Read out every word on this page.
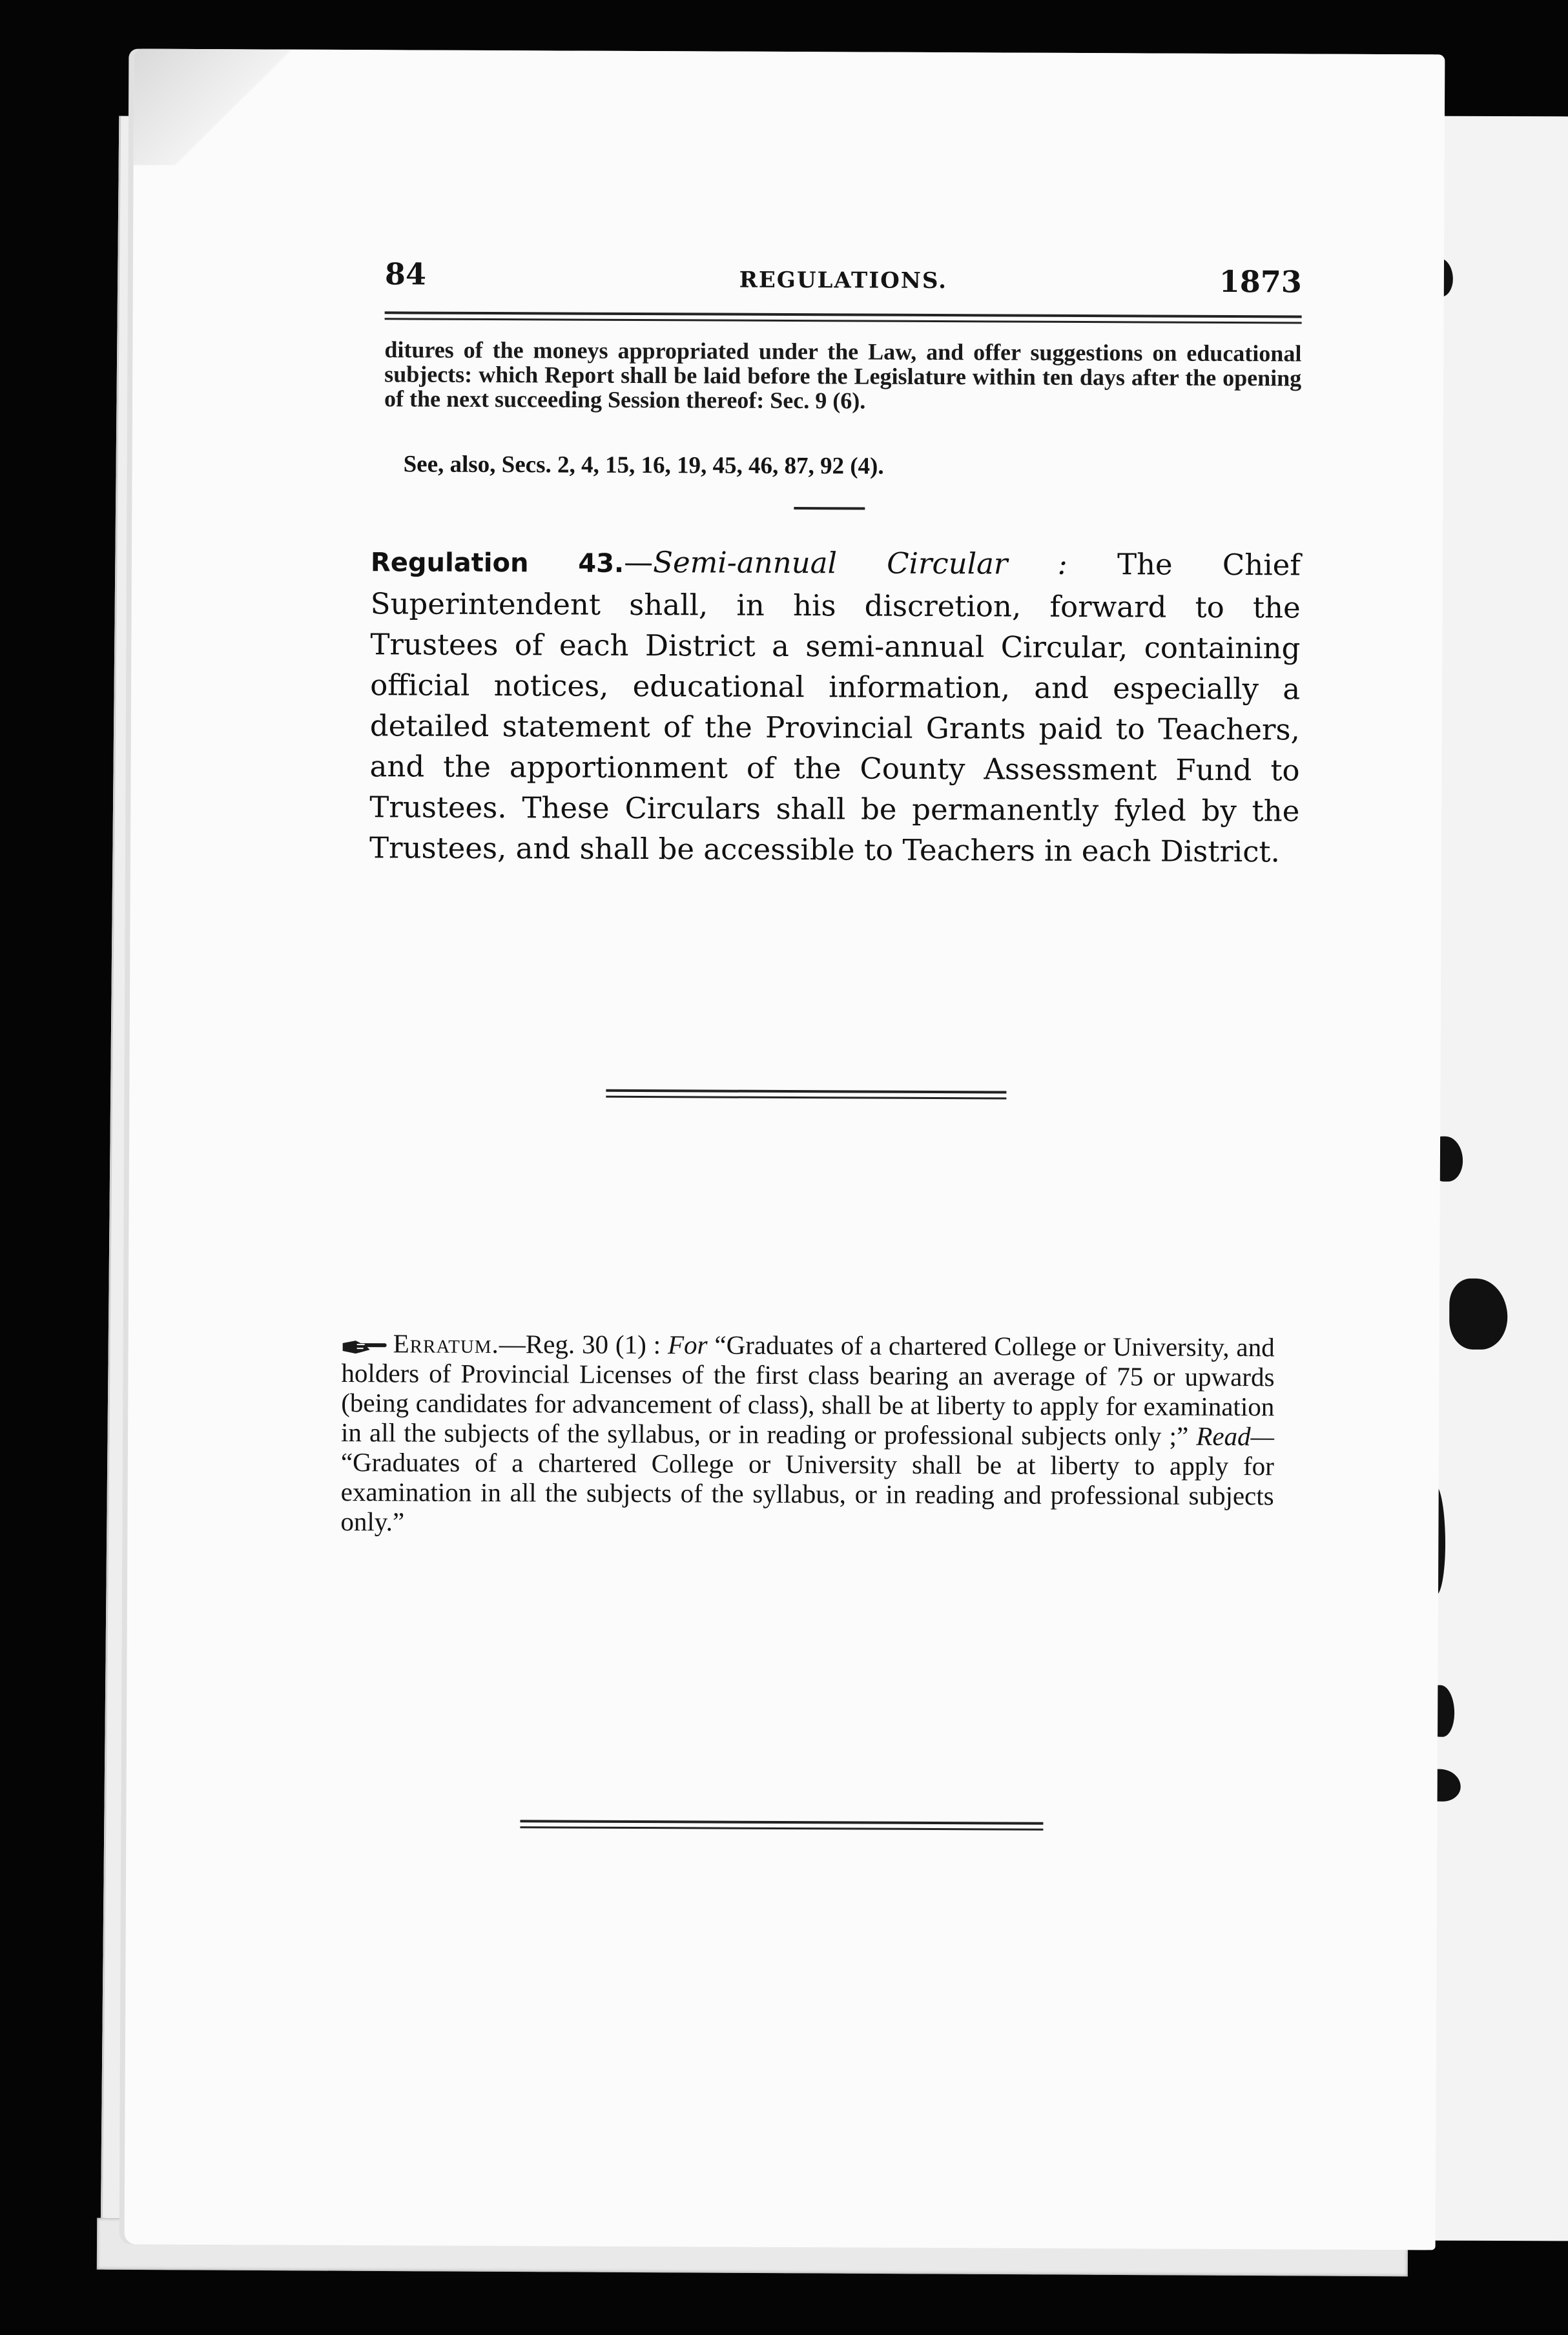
84	REGULATIONS.	1873
ditures of the moneys appropriated under the Law, and offer suggestions on educational subjects: which Report shall be laid before the Legislature within ten days after the opening of the next succeeding Session thereof: Sec. 9 (6).
See, also, Secs. 2, 4, 15, 16, 19, 45, 46, 87, 92 (4).
Regulation 43.—Semi-annual Circular : The Chief Superintendent shall, in his discretion, forward to the Trustees of each District a semi-annual Circular, containing official notices, educational information, and especially a detailed statement of the Provincial Grants paid to Teachers, and the apportionment of the County Assessment Fund to Trustees. These Circulars shall be permanently fyled by the Trustees, and shall be accessible to Teachers in each District.
Erratum.—Reg. 30 (1) : For “Graduates of a chartered College or University, and holders of Provincial Licenses of the first class bearing an average of 75 or upwards (being candidates for advancement of class), shall be at liberty to apply for examination in all the subjects of the syllabus, or in reading or professional subjects only ;” Read— “Graduates of a chartered College or University shall be at liberty to apply for examination in all the subjects of the syllabus, or in reading and professional subjects only.”
